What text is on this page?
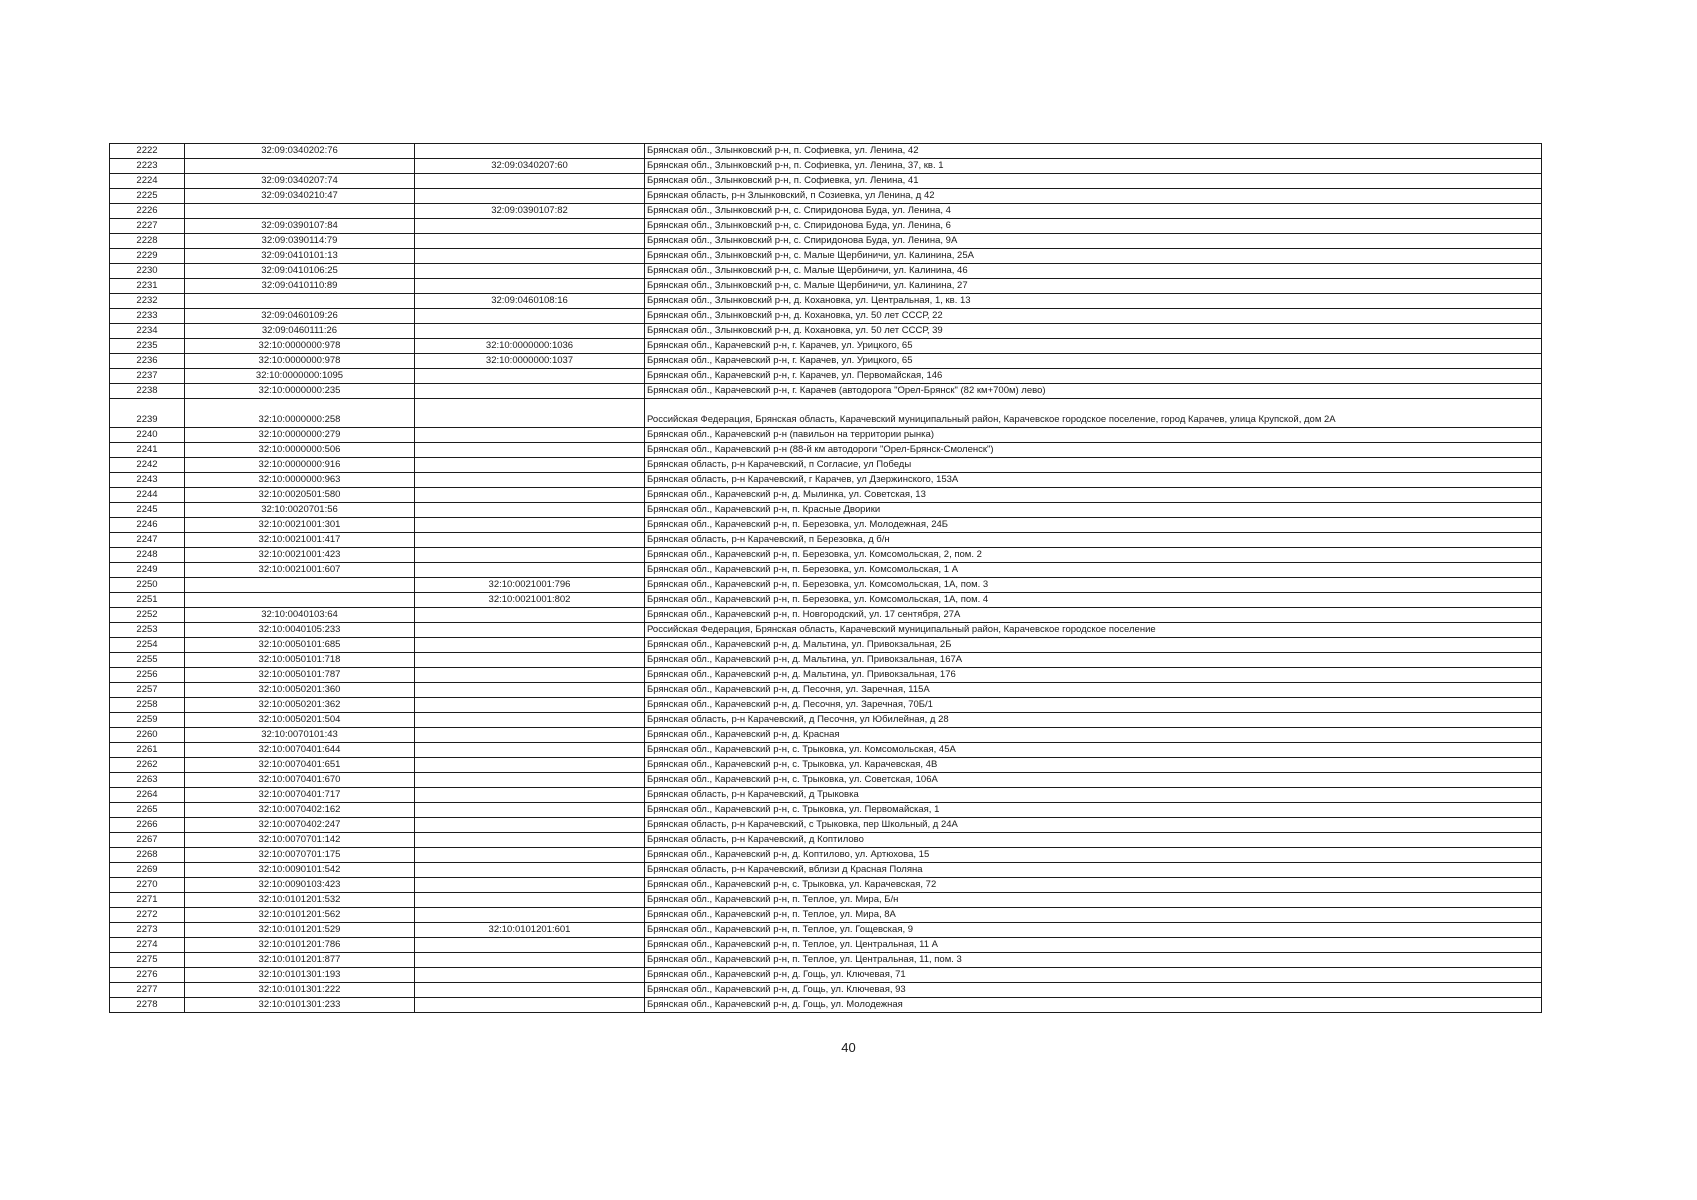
2222	32:09:0340202:76		Брянская обл., Злынковский р-н, п. Софиевка, ул. Ленина, 42
2223		32:09:0340207:60	Брянская обл., Злынковский р-н, п. Софиевка, ул. Ленина, 37, кв. 1
2224	32:09:0340207:74		Брянская обл., Злынковский р-н, п. Софиевка, ул. Ленина, 41
2225	32:09:0340210:47		Брянская область, р-н Злынковский, п Созиевка, ул Ленина, д 42
2226		32:09:0390107:82	Брянская обл., Злынковский р-н, с. Спиридонова Буда, ул. Ленина, 4
2227	32:09:0390107:84		Брянская обл., Злынковский р-н, с. Спиридонова Буда, ул. Ленина, 6
2228	32:09:0390114:79		Брянская обл., Злынковский р-н, с. Спиридонова Буда, ул. Ленина, 9А
2229	32:09:0410101:13		Брянская обл., Злынковский р-н, с. Малые Щербиничи, ул. Калинина, 25А
2230	32:09:0410106:25		Брянская обл., Злынковский р-н, с. Малые Щербиничи, ул. Калинина, 46
2231	32:09:0410110:89		Брянская обл., Злынковский р-н, с. Малые Щербиничи, ул. Калинина, 27
2232		32:09:0460108:16	Брянская обл., Злынковский р-н, д. Кохановка, ул. Центральная, 1, кв. 13
2233	32:09:0460109:26		Брянская обл., Злынковский р-н, д. Кохановка, ул. 50 лет СССР, 22
2234	32:09:0460111:26		Брянская обл., Злынковский р-н, д. Кохановка, ул. 50 лет СССР, 39
2235	32:10:0000000:978	32:10:0000000:1036	Брянская обл., Карачевский р-н, г. Карачев, ул. Урицкого, 65
2236	32:10:0000000:978	32:10:0000000:1037	Брянская обл., Карачевский р-н, г. Карачев, ул. Урицкого, 65
2237	32:10:0000000:1095		Брянская обл., Карачевский р-н, г. Карачев, ул. Первомайская, 146
2238	32:10:0000000:235		Брянская обл., Карачевский р-н, г. Карачев (автодорога "Орел-Брянск" (82 км+700м) лево)
2239	32:10:0000000:258		Российская Федерация, Брянская область, Карачевский муниципальный район, Карачевское городское поселение, город Карачев, улица Крупской, дом 2А
2240	32:10:0000000:279		Брянская обл., Карачевский р-н (павильон на территории рынка)
2241	32:10:0000000:506		Брянская обл., Карачевский р-н (88-й км автодороги "Орел-Брянск-Смоленск")
2242	32:10:0000000:916		Брянская область, р-н Карачевский, п Согласие, ул Победы
2243	32:10:0000000:963		Брянская область, р-н Карачевский, г Карачев, ул Дзержинского, 153А
2244	32:10:0020501:580		Брянская обл., Карачевский р-н, д. Мылинка, ул. Советская, 13
2245	32:10:0020701:56		Брянская обл., Карачевский р-н, п. Красные Дворики
2246	32:10:0021001:301		Брянская обл., Карачевский р-н, п. Березовка, ул. Молодежная, 24Б
2247	32:10:0021001:417		Брянская область, р-н Карачевский, п Березовка, д б/н
2248	32:10:0021001:423		Брянская обл., Карачевский р-н, п. Березовка, ул. Комсомольская, 2, пом. 2
2249	32:10:0021001:607		Брянская обл., Карачевский р-н, п. Березовка, ул. Комсомольская, 1 А
2250		32:10:0021001:796	Брянская обл., Карачевский р-н, п. Березовка, ул. Комсомольская, 1А, пом. 3
2251		32:10:0021001:802	Брянская обл., Карачевский р-н, п. Березовка, ул. Комсомольская, 1А, пом. 4
2252	32:10:0040103:64		Брянская обл., Карачевский р-н, п. Новгородский, ул. 17 сентября, 27А
2253	32:10:0040105:233		Российская Федерация, Брянская область, Карачевский муниципальный район, Карачевское городское поселение
2254	32:10:0050101:685		Брянская обл., Карачевский р-н, д. Мальтина, ул. Привокзальная, 2Б
2255	32:10:0050101:718		Брянская обл., Карачевский р-н, д. Мальтина, ул. Привокзальная, 167А
2256	32:10:0050101:787		Брянская обл., Карачевский р-н, д. Мальтина, ул. Привокзальная, 176
2257	32:10:0050201:360		Брянская обл., Карачевский р-н, д. Песочня, ул. Заречная, 115А
2258	32:10:0050201:362		Брянская обл., Карачевский р-н, д. Песочня, ул. Заречная, 70Б/1
2259	32:10:0050201:504		Брянская область, р-н Карачевский, д Песочня, ул Юбилейная, д 28
2260	32:10:0070101:43		Брянская обл., Карачевский р-н, д. Красная
2261	32:10:0070401:644		Брянская обл., Карачевский р-н, с. Трыковка, ул. Комсомольская, 45А
2262	32:10:0070401:651		Брянская обл., Карачевский р-н, с. Трыковка, ул. Карачевская, 4В
2263	32:10:0070401:670		Брянская обл., Карачевский р-н, с. Трыковка, ул. Советская, 106А
2264	32:10:0070401:717		Брянская область, р-н Карачевский, д Трыковка
2265	32:10:0070402:162		Брянская обл., Карачевский р-н, с. Трыковка, ул. Первомайская, 1
2266	32:10:0070402:247		Брянская область, р-н Карачевский, с Трыковка, пер Школьный, д 24А
2267	32:10:0070701:142		Брянская область, р-н Карачевский, д Коптилово
2268	32:10:0070701:175		Брянская обл., Карачевский р-н, д. Коптилово, ул. Артюхова, 15
2269	32:10:0090101:542		Брянская область, р-н Карачевский, вблизи д Красная Поляна
2270	32:10:0090103:423		Брянская обл., Карачевский р-н, с. Трыковка, ул. Карачевская, 72
2271	32:10:0101201:532		Брянская обл., Карачевский р-н, п. Теплое, ул. Мира, Б/н
2272	32:10:0101201:562		Брянская обл., Карачевский р-н, п. Теплое, ул. Мира, 8А
2273	32:10:0101201:529	32:10:0101201:601	Брянская обл., Карачевский р-н, п. Теплое, ул. Гощевская, 9
2274	32:10:0101201:786		Брянская обл., Карачевский р-н, п. Теплое, ул. Центральная, 11 А
2275	32:10:0101201:877		Брянская обл., Карачевский р-н, п. Теплое, ул. Центральная, 11, пом. 3
2276	32:10:0101301:193		Брянская обл., Карачевский р-н, д. Гощь, ул. Ключевая, 71
2277	32:10:0101301:222		Брянская обл., Карачевский р-н, д. Гощь, ул. Ключевая, 93
2278	32:10:0101301:233		Брянская обл., Карачевский р-н, д. Гощь, ул. Молодежная
40
